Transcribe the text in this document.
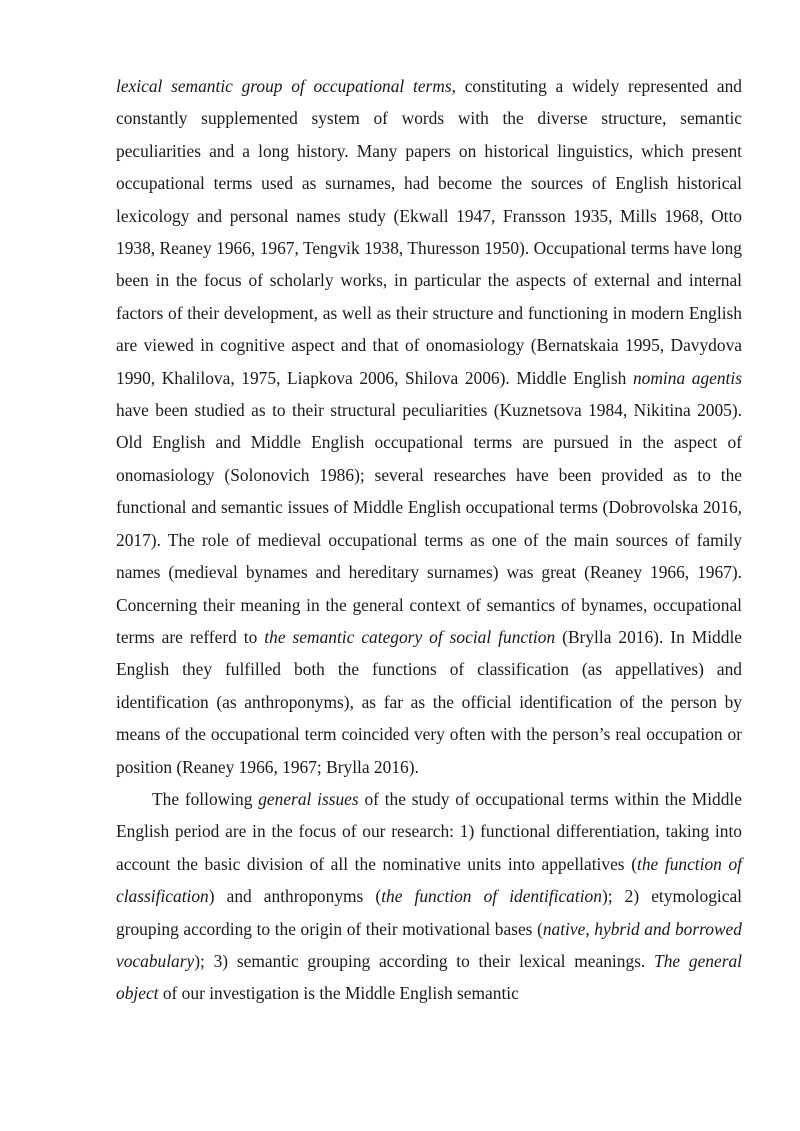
lexical semantic group of occupational terms, constituting a widely represented and constantly supplemented system of words with the diverse structure, semantic peculiarities and a long history. Many papers on historical linguistics, which present occupational terms used as surnames, had become the sources of English historical lexicology and personal names study (Ekwall 1947, Fransson 1935, Mills 1968, Otto 1938, Reaney 1966, 1967, Tengvik 1938, Thuresson 1950). Occupational terms have long been in the focus of scholarly works, in particular the aspects of external and internal factors of their development, as well as their structure and functioning in modern English are viewed in cognitive aspect and that of onomasiology (Bernatskaia 1995, Davydova 1990, Khalilova, 1975, Liapkova 2006, Shilova 2006). Middle English nomina agentis have been studied as to their structural peculiarities (Kuznetsova 1984, Nikitina 2005). Old English and Middle English occupational terms are pursued in the aspect of onomasiology (Solonovich 1986); several researches have been provided as to the functional and semantic issues of Middle English occupational terms (Dobrovolska 2016, 2017). The role of medieval occupational terms as one of the main sources of family names (medieval bynames and hereditary surnames) was great (Reaney 1966, 1967). Concerning their meaning in the general context of semantics of bynames, occupational terms are refferd to the semantic category of social function (Brylla 2016). In Middle English they fulfilled both the functions of classification (as appellatives) and identification (as anthroponyms), as far as the official identification of the person by means of the occupational term coincided very often with the person’s real occupation or position (Reaney 1966, 1967; Brylla 2016).

The following general issues of the study of occupational terms within the Middle English period are in the focus of our research: 1) functional differentiation, taking into account the basic division of all the nominative units into appellatives (the function of classification) and anthroponyms (the function of identification); 2) etymological grouping according to the origin of their motivational bases (native, hybrid and borrowed vocabulary); 3) semantic grouping according to their lexical meanings. The general object of our investigation is the Middle English semantic
